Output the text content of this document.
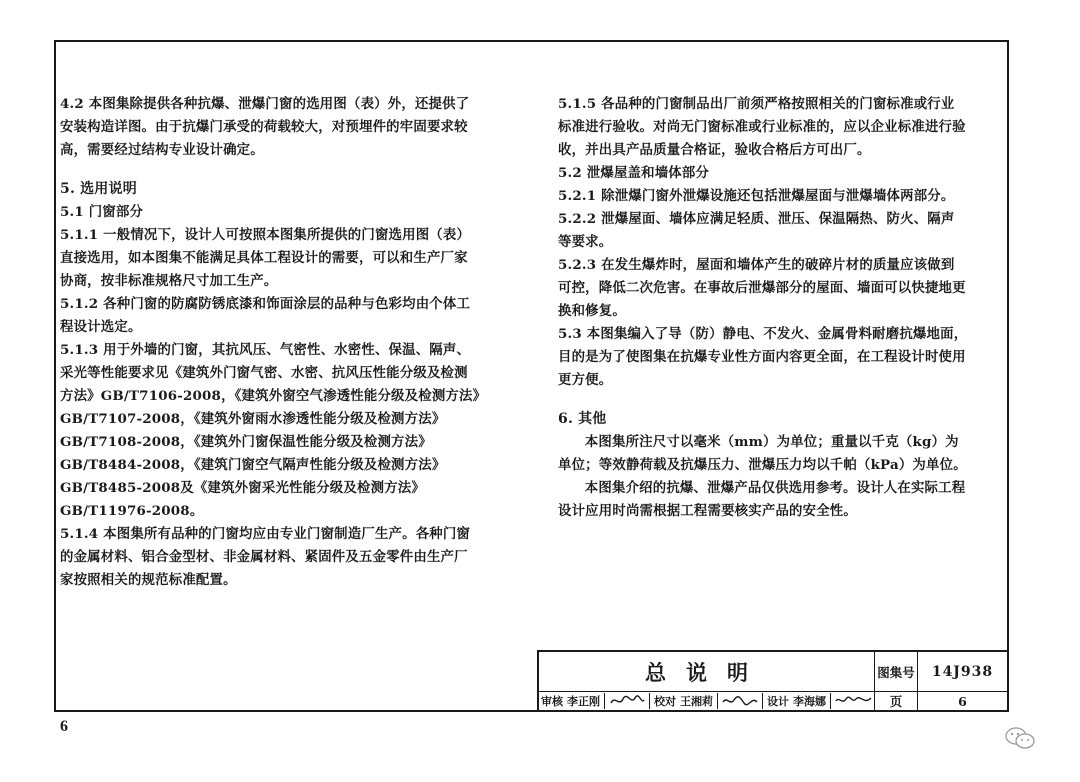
4.2 本图集除提供各种抗爆、泄爆门窗的选用图（表）外，还提供了安装构造详图。由于抗爆门承受的荷载较大，对预埋件的牢固要求较高，需要经过结构专业设计确定。

5. 选用说明

5.1 门窗部分

5.1.1 一般情况下，设计人可按照本图集所提供的门窗选用图（表）直接选用，如本图集不能满足具体工程设计的需要，可以和生产厂家协商，按非标准规格尺寸加工生产。

5.1.2 各种门窗的防腐防锈底漆和饰面涂层的品种与色彩均由个体工程设计选定。

5.1.3 用于外墙的门窗，其抗风压、气密性、水密性、保温、隔声、采光等性能要求见《建筑外门窗气密、水密、抗风压性能分级及检测方法》GB/T7106-2008，《建筑外窗空气渗透性能分级及检测方法》GB/T7107-2008，《建筑外窗雨水渗透性能分级及检测方法》GB/T7108-2008，《建筑外门窗保温性能分级及检测方法》GB/T8484-2008，《建筑门窗空气隔声性能分级及检测方法》GB/T8485-2008及《建筑外窗采光性能分级及检测方法》GB/T11976-2008。

5.1.4 本图集所有品种的门窗均应由专业门窗制造厂生产。各种门窗的金属材料、铝合金型材、非金属材料、紧固件及五金零件由生产厂家按照相关的规范标准配置。

5.1.5 各品种的门窗制品出厂前须严格按照相关的门窗标准或行业标准进行验收。对尚无门窗标准或行业标准的，应以企业标准进行验收，并出具产品质量合格证，验收合格后方可出厂。

5.2 泄爆屋盖和墙体部分

5.2.1 除泄爆门窗外泄爆设施还包括泄爆屋面与泄爆墙体两部分。

5.2.2 泄爆屋面、墙体应满足轻质、泄压、保温隔热、防火、隔声等要求。

5.2.3 在发生爆炸时，屋面和墙体产生的破碎片材的质量应该做到可控，降低二次危害。在事故后泄爆部分的屋面、墙面可以快捷地更换和修复。

5.3 本图集编入了导（防）静电、不发火、金属骨料耐磨抗爆地面，目的是为了使图集在抗爆专业性方面内容更全面，在工程设计时使用更方便。

6. 其他

本图集所注尺寸以毫米（mm）为单位；重量以千克（kg）为单位；等效静荷载及抗爆压力、泄爆压力均以千帕（kPa）为单位。

本图集介绍的抗爆、泄爆产品仅供选用参考。设计人在实际工程设计应用时尚需根据工程需要核实产品的安全性。

总说明	图集号	14J938
审核 李正刚	校对 王湘莉	设计 李海娜	页	6
6
